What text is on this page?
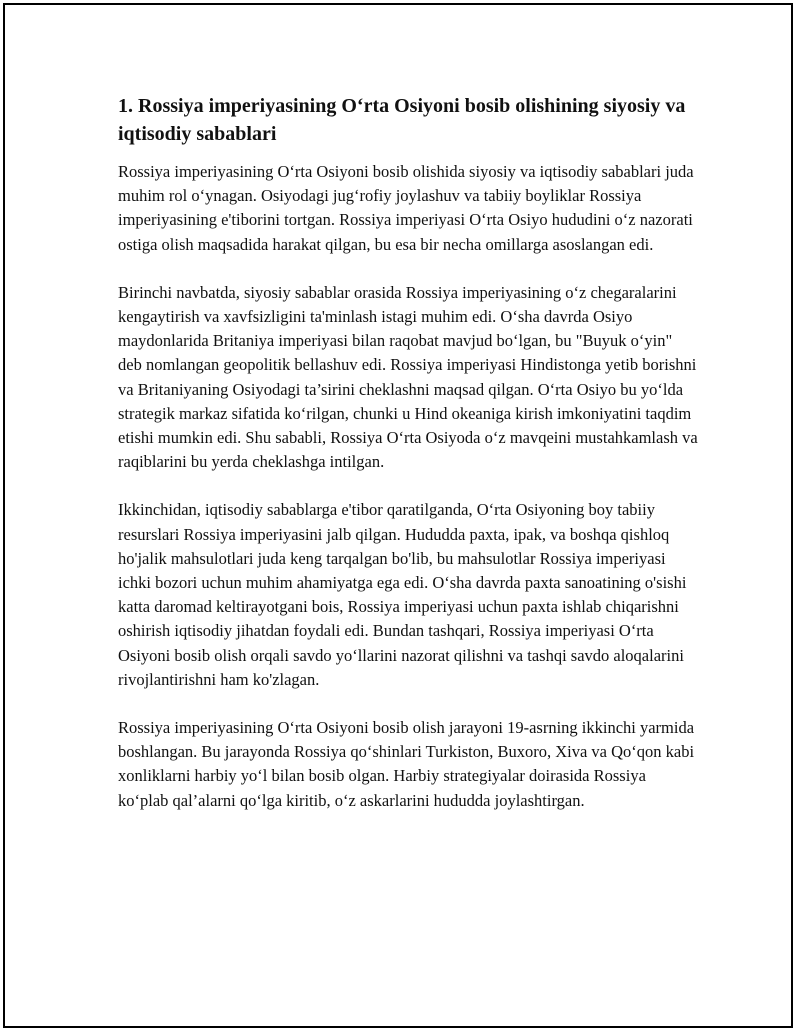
1. Rossiya imperiyasining O‘rta Osiyoni bosib olishining siyosiy va iqtisodiy sabablari

Rossiya imperiyasining O‘rta Osiyoni bosib olishida siyosiy va iqtisodiy sabablari juda muhim rol o‘ynagan. Osiyodagi jug‘rofiy joylashuv va tabiiy boyliklar Rossiya imperiyasining e'tiborini tortgan. Rossiya imperiyasi O‘rta Osiyo hududini o‘z nazorati ostiga olish maqsadida harakat qilgan, bu esa bir necha omillarga asoslangan edi.

Birinchi navbatda, siyosiy sabablar orasida Rossiya imperiyasining o‘z chegaralarini kengaytirish va xavfsizligini ta'minlash istagi muhim edi. O‘sha davrda Osiyo maydonlarida Britaniya imperiyasi bilan raqobat mavjud bo‘lgan, bu "Buyuk o‘yin" deb nomlangan geopolitik bellashuv edi. Rossiya imperiyasi Hindistonga yetib borishni va Britaniyaning Osiyodagi ta’sirini cheklashni maqsad qilgan. O‘rta Osiyo bu yo‘lda strategik markaz sifatida ko‘rilgan, chunki u Hind okeaniga kirish imkoniyatini taqdim etishi mumkin edi. Shu sababli, Rossiya O‘rta Osiyoda o‘z mavqeini mustahkamlash va raqiblarini bu yerda cheklashga intilgan.

Ikkinchidan, iqtisodiy sabablarga e'tibor qaratilganda, O‘rta Osiyoning boy tabiiy resurslari Rossiya imperiyasini jalb qilgan. Hududda paxta, ipak, va boshqa qishloq ho'jalik mahsulotlari juda keng tarqalgan bo'lib, bu mahsulotlar Rossiya imperiyasi ichki bozori uchun muhim ahamiyatga ega edi. O‘sha davrda paxta sanoatining o'sishi katta daromad keltirayotgani bois, Rossiya imperiyasi uchun paxta ishlab chiqarishni oshirish iqtisodiy jihatdan foydali edi. Bundan tashqari, Rossiya imperiyasi O‘rta Osiyoni bosib olish orqali savdo yo‘llarini nazorat qilishni va tashqi savdo aloqalarini rivojlantirishni ham ko'zlagan.

Rossiya imperiyasining O‘rta Osiyoni bosib olish jarayoni 19-asrning ikkinchi yarmida boshlangan. Bu jarayonda Rossiya qo‘shinlari Turkiston, Buxoro, Xiva va Qo‘qon kabi xonliklarni harbiy yo‘l bilan bosib olgan. Harbiy strategiyalar doirasida Rossiya ko‘plab qal’alarni qo‘lga kiritib, o‘z askarlarini hududda joylashtirgan.
